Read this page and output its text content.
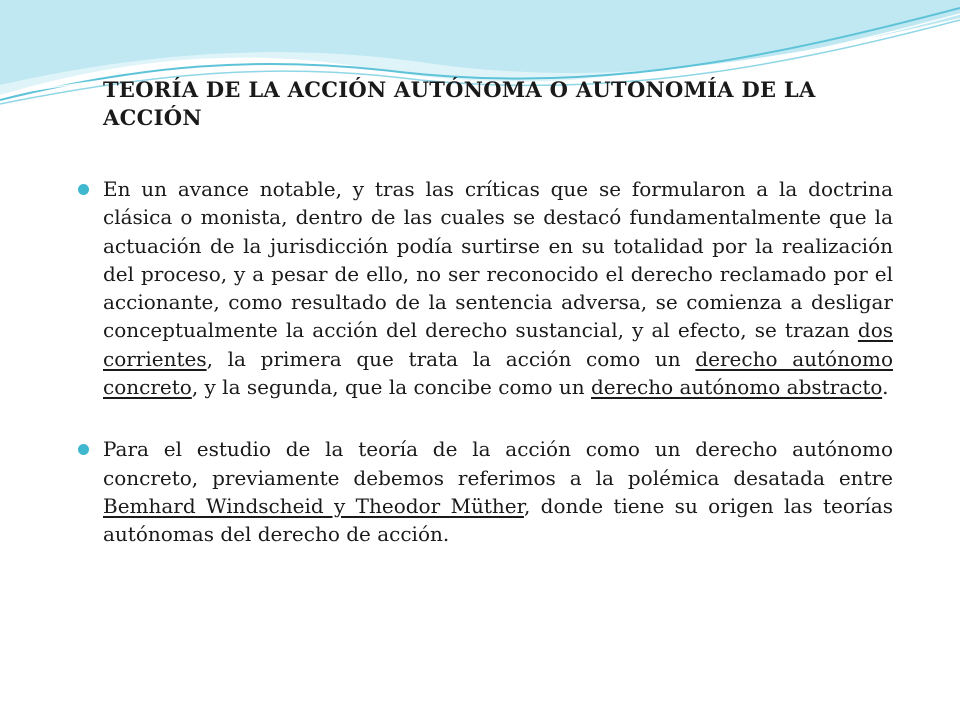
TEORÍA DE LA ACCIÓN AUTÓNOMA O AUTONOMÍA DE LA ACCIÓN
En un avance notable, y tras las críticas que se formularon a la doctrina clásica o monista, dentro de las cuales se destacó fundamentalmente que la actuación de la jurisdicción podía surtirse en su totalidad por la realización del proceso, y a pesar de ello, no ser reconocido el derecho reclamado por el accionante, como resultado de la sentencia adversa, se comienza a desligar conceptualmente la acción del derecho sustancial, y al efecto, se trazan dos corrientes, la primera que trata la acción como un derecho autónomo concreto, y la segunda, que la concibe como un derecho autónomo abstracto.
Para el estudio de la teoría de la acción como un derecho autónomo concreto, previamente debemos referimos a la polémica desatada entre Bemhard Windscheid y Theodor Müther, donde tiene su origen las teorías autónomas del derecho de acción.
